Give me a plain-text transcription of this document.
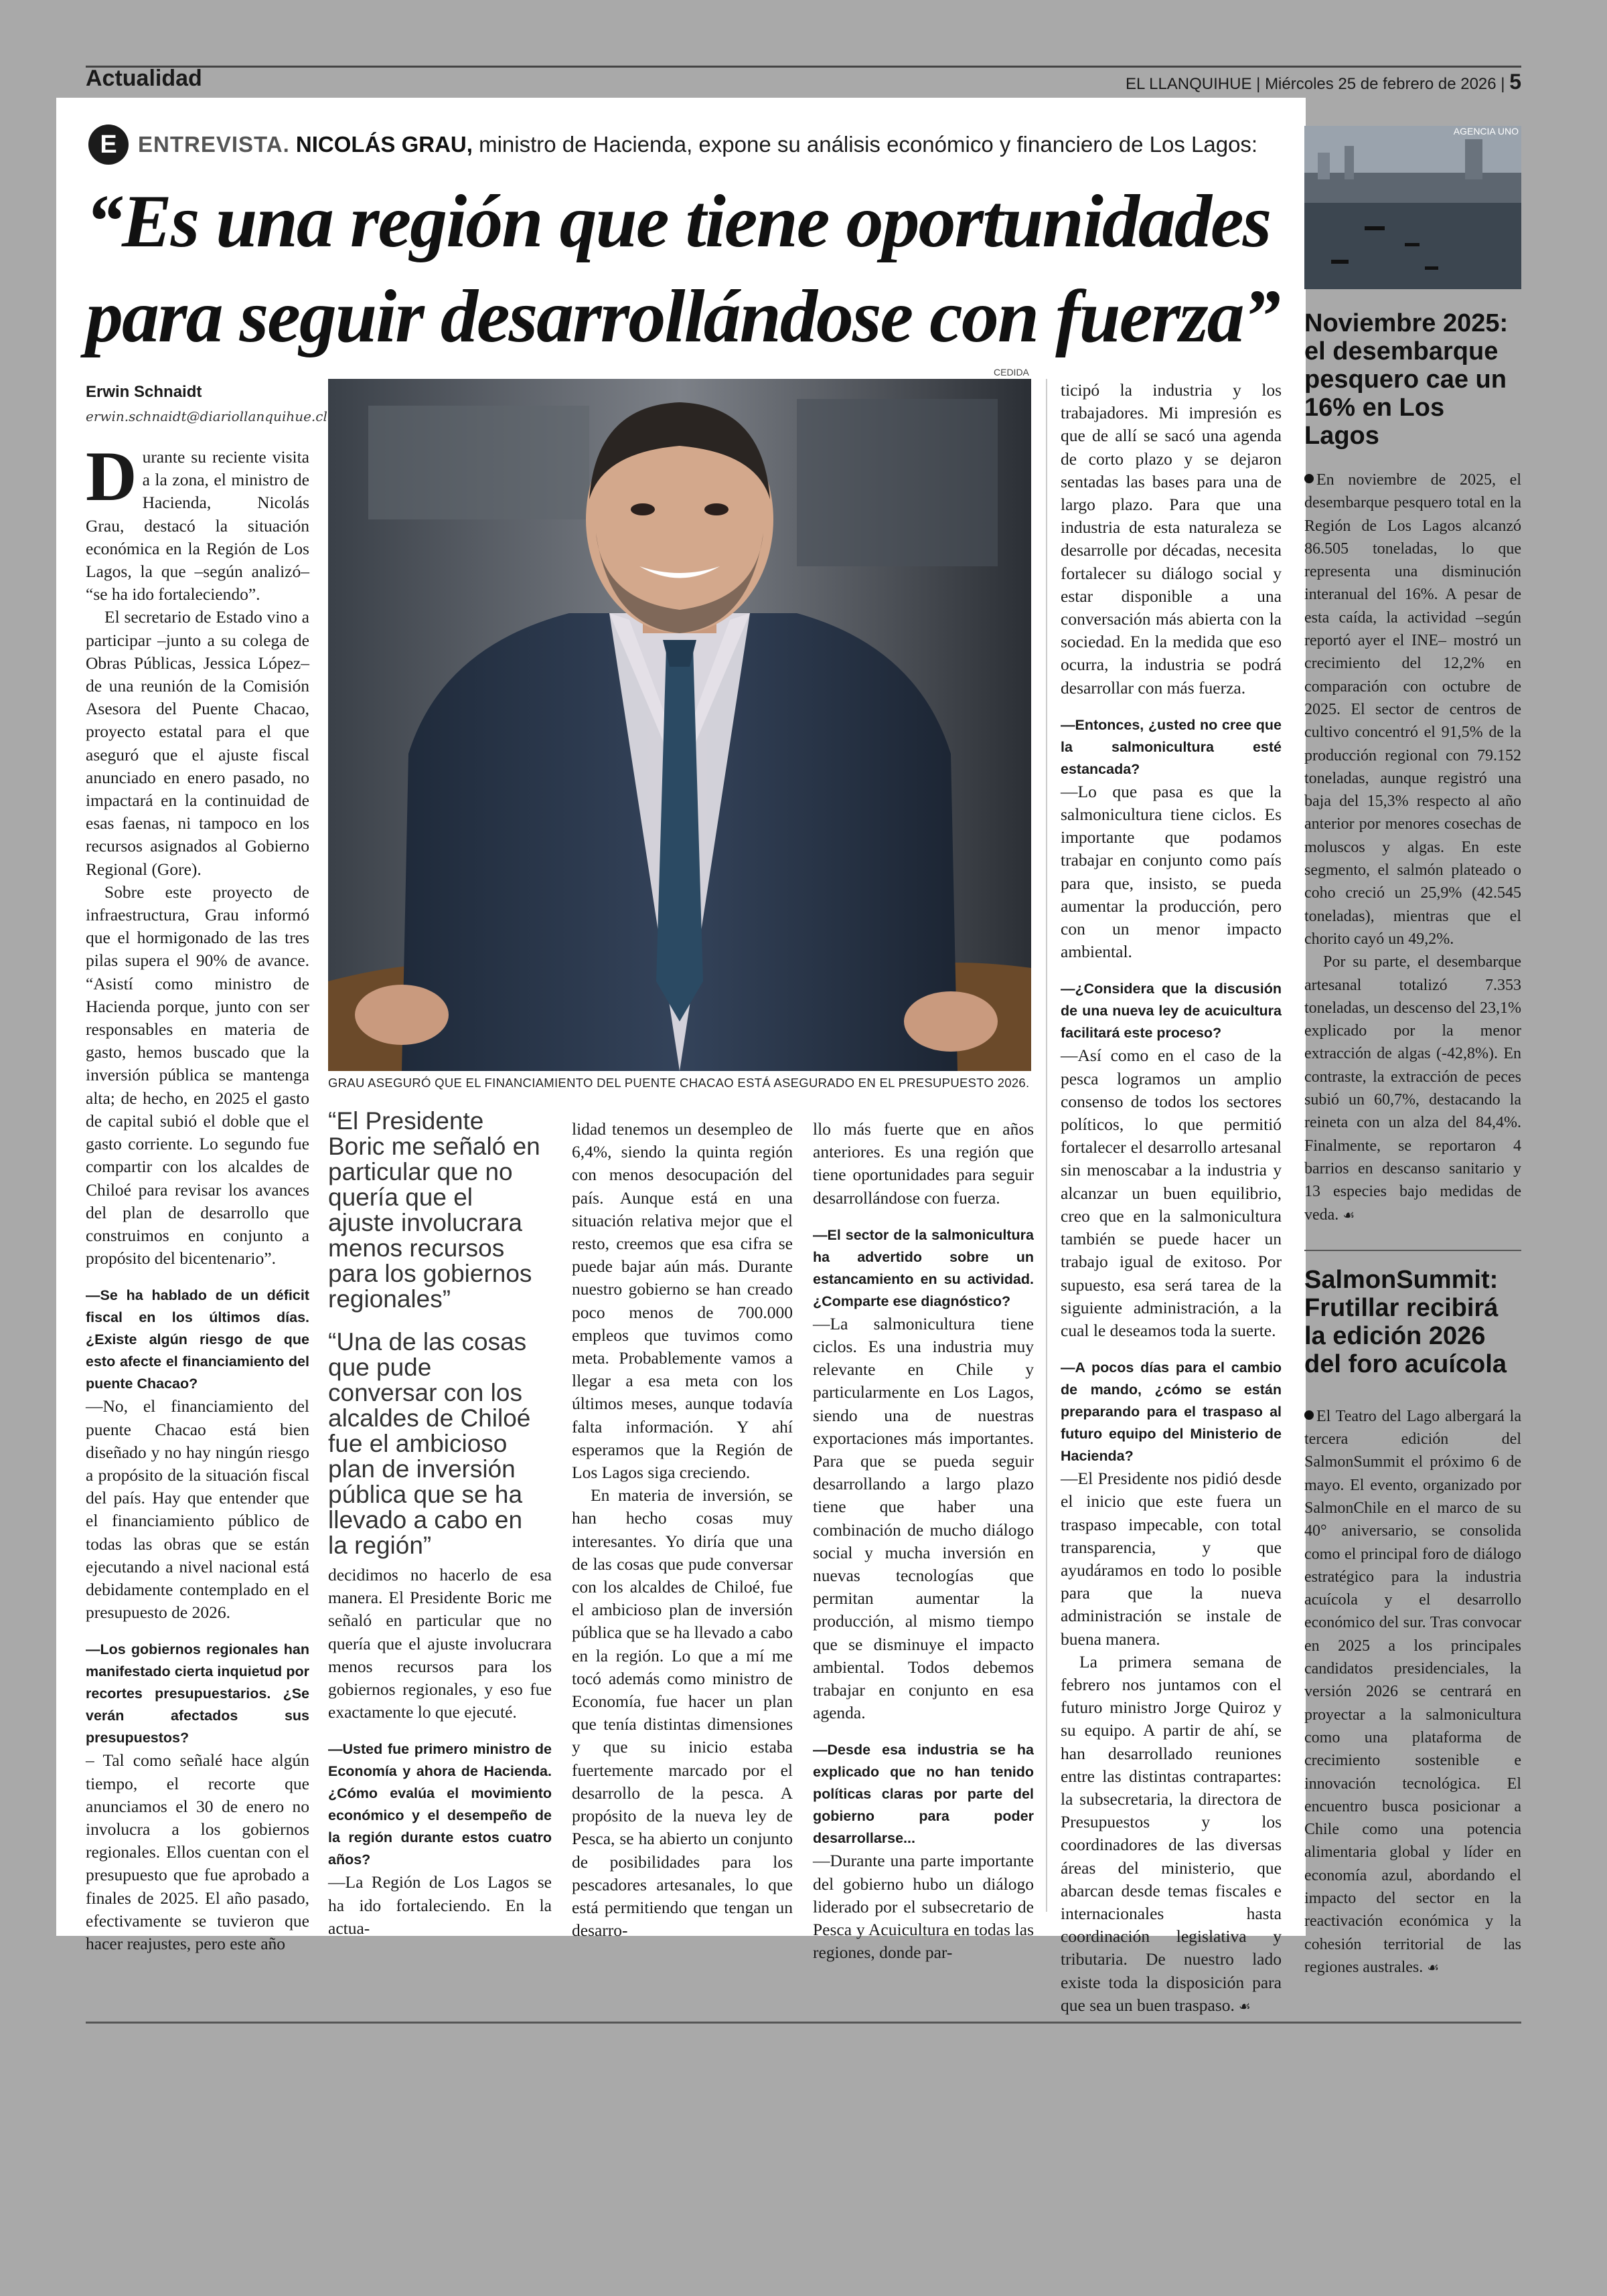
Actualidad	EL LLANQUIHUE | Miércoles 25 de febrero de 2026 | 5
E ENTREVISTA.
NICOLÁS GRAU,
ministro de Hacienda, expone su análisis económico y financiero de Los Lagos:
“Es una región que tiene oportunidades
para seguir desarrollándose con fuerza”
Erwin Schnaidt
erwin.schnaidt@diariollanquihue.cl

Durante su reciente visita a la zona, el ministro de Hacienda, Nicolás Grau, destacó la situación económica en la Región de Los Lagos, la que –según analizó– “se ha ido fortaleciendo”.

El secretario de Estado vino a participar –junto a su colega de Obras Públicas, Jessica López– de una reunión de la Comisión Asesora del Puente Chacao, proyecto estatal para el que aseguró que el ajuste fiscal anunciado en enero pasado, no impactará en la continuidad de esas faenas, ni tampoco en los recursos asignados al Gobierno Regional (Gore).

Sobre este proyecto de infraestructura, Grau informó que el hormigonado de las tres pilas supera el 90% de avance. “Asistí como ministro de Hacienda porque, junto con ser responsables en materia de gasto, hemos buscado que la inversión pública se mantenga alta; de hecho, en 2025 el gasto de capital subió el doble que el gasto corriente. Lo segundo fue compartir con los alcaldes de Chiloé para revisar los avances del plan de desarrollo que construimos en conjunto a propósito del bicentenario”.

—Se ha hablado de un déficit fiscal en los últimos días. ¿Existe algún riesgo de que esto afecte el financiamiento del puente Chacao?

—No, el financiamiento del puente Chacao está bien diseñado y no hay ningún riesgo a propósito de la situación fiscal del país. Hay que entender que el financiamiento público de todas las obras que se están ejecutando a nivel nacional está debidamente contemplado en el presupuesto de 2026.

—Los gobiernos regionales han manifestado cierta inquietud por recortes presupuestarios. ¿Se verán afectados sus presupuestos?

– Tal como señalé hace algún tiempo, el recorte que anunciamos el 30 de enero no involucra a los gobiernos regionales. Ellos cuentan con el presupuesto que fue aprobado a finales de 2025. El año pasado, efectivamente se tuvieron que hacer reajustes, pero este año

CEDIDA
GRAU ASEGURÓ QUE EL FINANCIAMIENTO DEL PUENTE CHACAO ESTÁ ASEGURADO EN EL PRESUPUESTO 2026.
“El Presidente Boric me señaló en particular que no quería que el ajuste involucrara menos recursos para los gobiernos regionales”
“Una de las cosas que pude conversar con los alcaldes de Chiloé fue el ambicioso plan de inversión pública que se ha llevado a cabo en la región”

decidimos no hacerlo de esa manera. El Presidente Boric me señaló en particular que no quería que el ajuste involucrara menos recursos para los gobiernos regionales, y eso fue exactamente lo que ejecuté.

—Usted fue primero ministro de Economía y ahora de Hacienda. ¿Cómo evalúa el movimiento económico y el desempeño de la región durante estos cuatro años?

—La Región de Los Lagos se ha ido fortaleciendo. En la actua-

lidad tenemos un desempleo de 6,4%, siendo la quinta región con menos desocupación del país. Aunque está en una situación relativa mejor que el resto, creemos que esa cifra se puede bajar aún más. Durante nuestro gobierno se han creado poco menos de 700.000 empleos que tuvimos como meta. Probablemente vamos a llegar a esa meta con los últimos meses, aunque todavía falta información. Y ahí esperamos que la Región de Los Lagos siga creciendo.

En materia de inversión, se han hecho cosas muy interesantes. Yo diría que una de las cosas que pude conversar con los alcaldes de Chiloé, fue el ambicioso plan de inversión pública que se ha llevado a cabo en la región. Lo que a mí me tocó además como ministro de Economía, fue hacer un plan que tenía distintas dimensiones y que su inicio estaba fuertemente marcado por el desarrollo de la pesca. A propósito de la nueva ley de Pesca, se ha abierto un conjunto de posibilidades para los pescadores artesanales, lo que está permitiendo que tengan un desarro-

llo más fuerte que en años anteriores. Es una región que tiene oportunidades para seguir desarrollándose con fuerza.

—El sector de la salmonicultura ha advertido sobre un estancamiento en su actividad. ¿Comparte ese diagnóstico?

—La salmonicultura tiene ciclos. Es una industria muy relevante en Chile y particularmente en Los Lagos, siendo una de nuestras exportaciones más importantes. Para que se pueda seguir desarrollando a largo plazo tiene que haber una combinación de mucho diálogo social y mucha inversión en nuevas tecnologías que permitan aumentar la producción, al mismo tiempo que se disminuye el impacto ambiental. Todos debemos trabajar en conjunto en esa agenda.

—Desde esa industria se ha explicado que no han tenido políticas claras por parte del gobierno para poder desarrollarse...

—Durante una parte importante del gobierno hubo un diálogo liderado por el subsecretario de Pesca y Acuicultura en todas las regiones, donde par-

ticipó la industria y los trabajadores. Mi impresión es que de allí se sacó una agenda de corto plazo y se dejaron sentadas las bases para una de largo plazo. Para que una industria de esta naturaleza se desarrolle por décadas, necesita fortalecer su diálogo social y estar disponible a una conversación más abierta con la sociedad. En la medida que eso ocurra, la industria se podrá desarrollar con más fuerza.

—Entonces, ¿usted no cree que la salmonicultura esté estancada?

—Lo que pasa es que la salmonicultura tiene ciclos. Es importante que podamos trabajar en conjunto como país para que, insisto, se pueda aumentar la producción, pero con un menor impacto ambiental.

—¿Considera que la discusión de una nueva ley de acuicultura facilitará este proceso?

—Así como en el caso de la pesca logramos un amplio consenso de todos los sectores políticos, lo que permitió fortalecer el desarrollo artesanal sin menoscabar a la industria y alcanzar un buen equilibrio, creo que en la salmonicultura también se puede hacer un trabajo igual de exitoso. Por supuesto, esa será tarea de la siguiente administración, a la cual le deseamos toda la suerte.

—A pocos días para el cambio de mando, ¿cómo se están preparando para el traspaso al futuro equipo del Ministerio de Hacienda?

—El Presidente nos pidió desde el inicio que este fuera un traspaso impecable, con total transparencia, y que ayudáramos en todo lo posible para que la nueva administración se instale de buena manera.

La primera semana de febrero nos juntamos con el futuro ministro Jorge Quiroz y su equipo. A partir de ahí, se han desarrollado reuniones entre las distintas contrapartes: la subsecretaria, la directora de Presupuestos y los coordinadores de las diversas áreas del ministerio, que abarcan desde temas fiscales e internacionales hasta coordinación legislativa y tributaria. De nuestro lado existe toda la disposición para que sea un buen traspaso. ☙

AGENCIA UNO

Noviembre 2025: el desembarque pesquero cae un 16% en Los Lagos

En noviembre de 2025, el desembarque pesquero total en la Región de Los Lagos alcanzó 86.505 toneladas, lo que representa una disminución interanual del 16%. A pesar de esta caída, la actividad –según reportó ayer el INE– mostró un crecimiento del 12,2% en comparación con octubre de 2025. El sector de centros de cultivo concentró el 91,5% de la producción regional con 79.152 toneladas, aunque registró una baja del 15,3% respecto al año anterior por menores cosechas de moluscos y algas. En este segmento, el salmón plateado o coho creció un 25,9% (42.545 toneladas), mientras que el chorito cayó un 49,2%.

Por su parte, el desembarque artesanal totalizó 7.353 toneladas, un descenso del 23,1% explicado por la menor extracción de algas (-42,8%). En contraste, la extracción de peces subió un 60,7%, destacando la reineta con un alza del 84,4%. Finalmente, se reportaron 4 barrios en descanso sanitario y 13 especies bajo medidas de veda. ☙

SalmonSummit: Frutillar recibirá la edición 2026 del foro acuícola

El Teatro del Lago albergará la tercera edición del SalmonSummit el próximo 6 de mayo. El evento, organizado por SalmonChile en el marco de su 40° aniversario, se consolida como el principal foro de diálogo estratégico para la industria acuícola y el desarrollo económico del sur. Tras convocar en 2025 a los principales candidatos presidenciales, la versión 2026 se centrará en proyectar a la salmonicultura como una plataforma de crecimiento sostenible e innovación tecnológica. El encuentro busca posicionar a Chile como una potencia alimentaria global y líder en economía azul, abordando el impacto del sector en la reactivación económica y la cohesión territorial de las regiones australes. ☙
